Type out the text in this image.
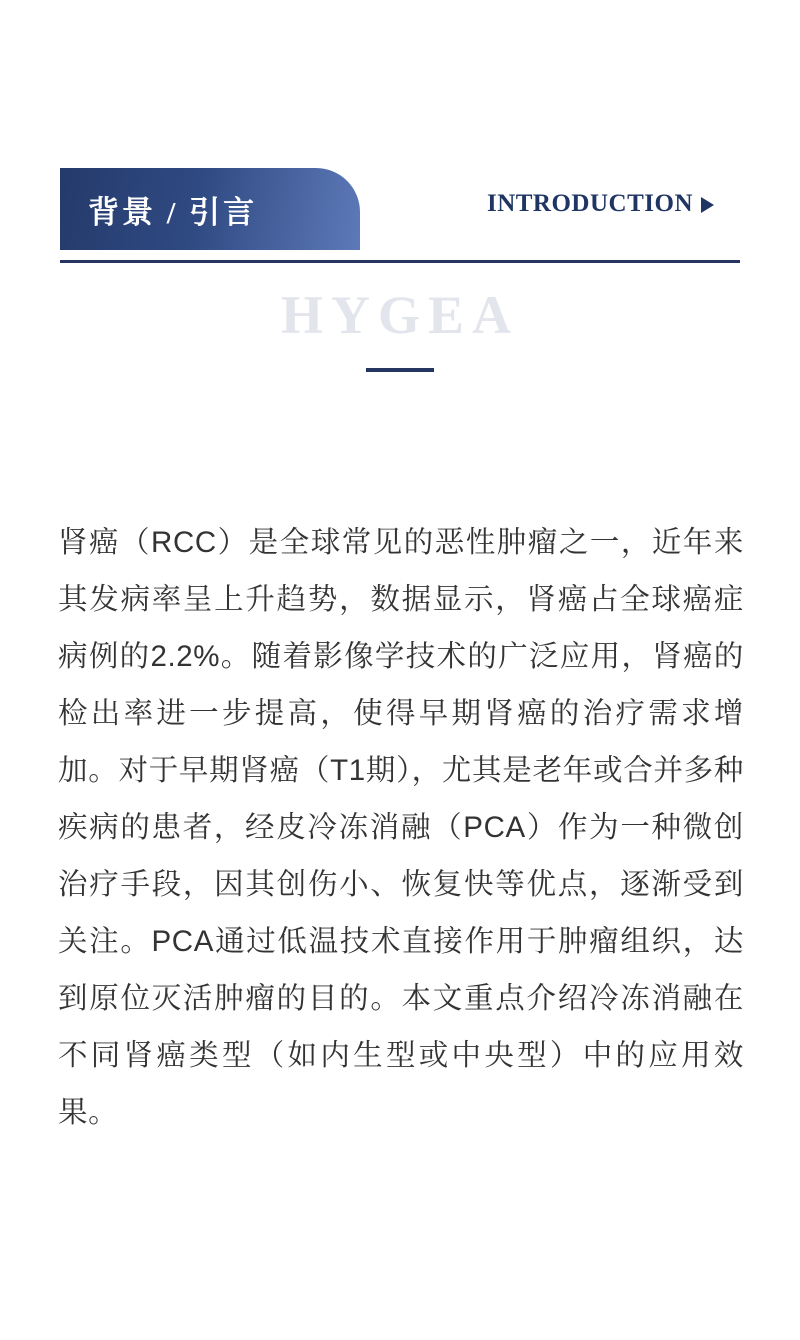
背景 / 引言	INTRODUCTION
HYGEA

肾癌（RCC）是全球常见的恶性肿瘤之一，近年来其发病率呈上升趋势，数据显示，肾癌占全球癌症病例的2.2%。随着影像学技术的广泛应用，肾癌的检出率进一步提高，使得早期肾癌的治疗需求增加。对于早期肾癌（T1期），尤其是老年或合并多种疾病的患者，经皮冷冻消融（PCA）作为一种微创治疗手段，因其创伤小、恢复快等优点，逐渐受到关注。PCA通过低温技术直接作用于肿瘤组织，达到原位灭活肿瘤的目的。本文重点介绍冷冻消融在不同肾癌类型（如内生型或中央型）中的应用效果。
